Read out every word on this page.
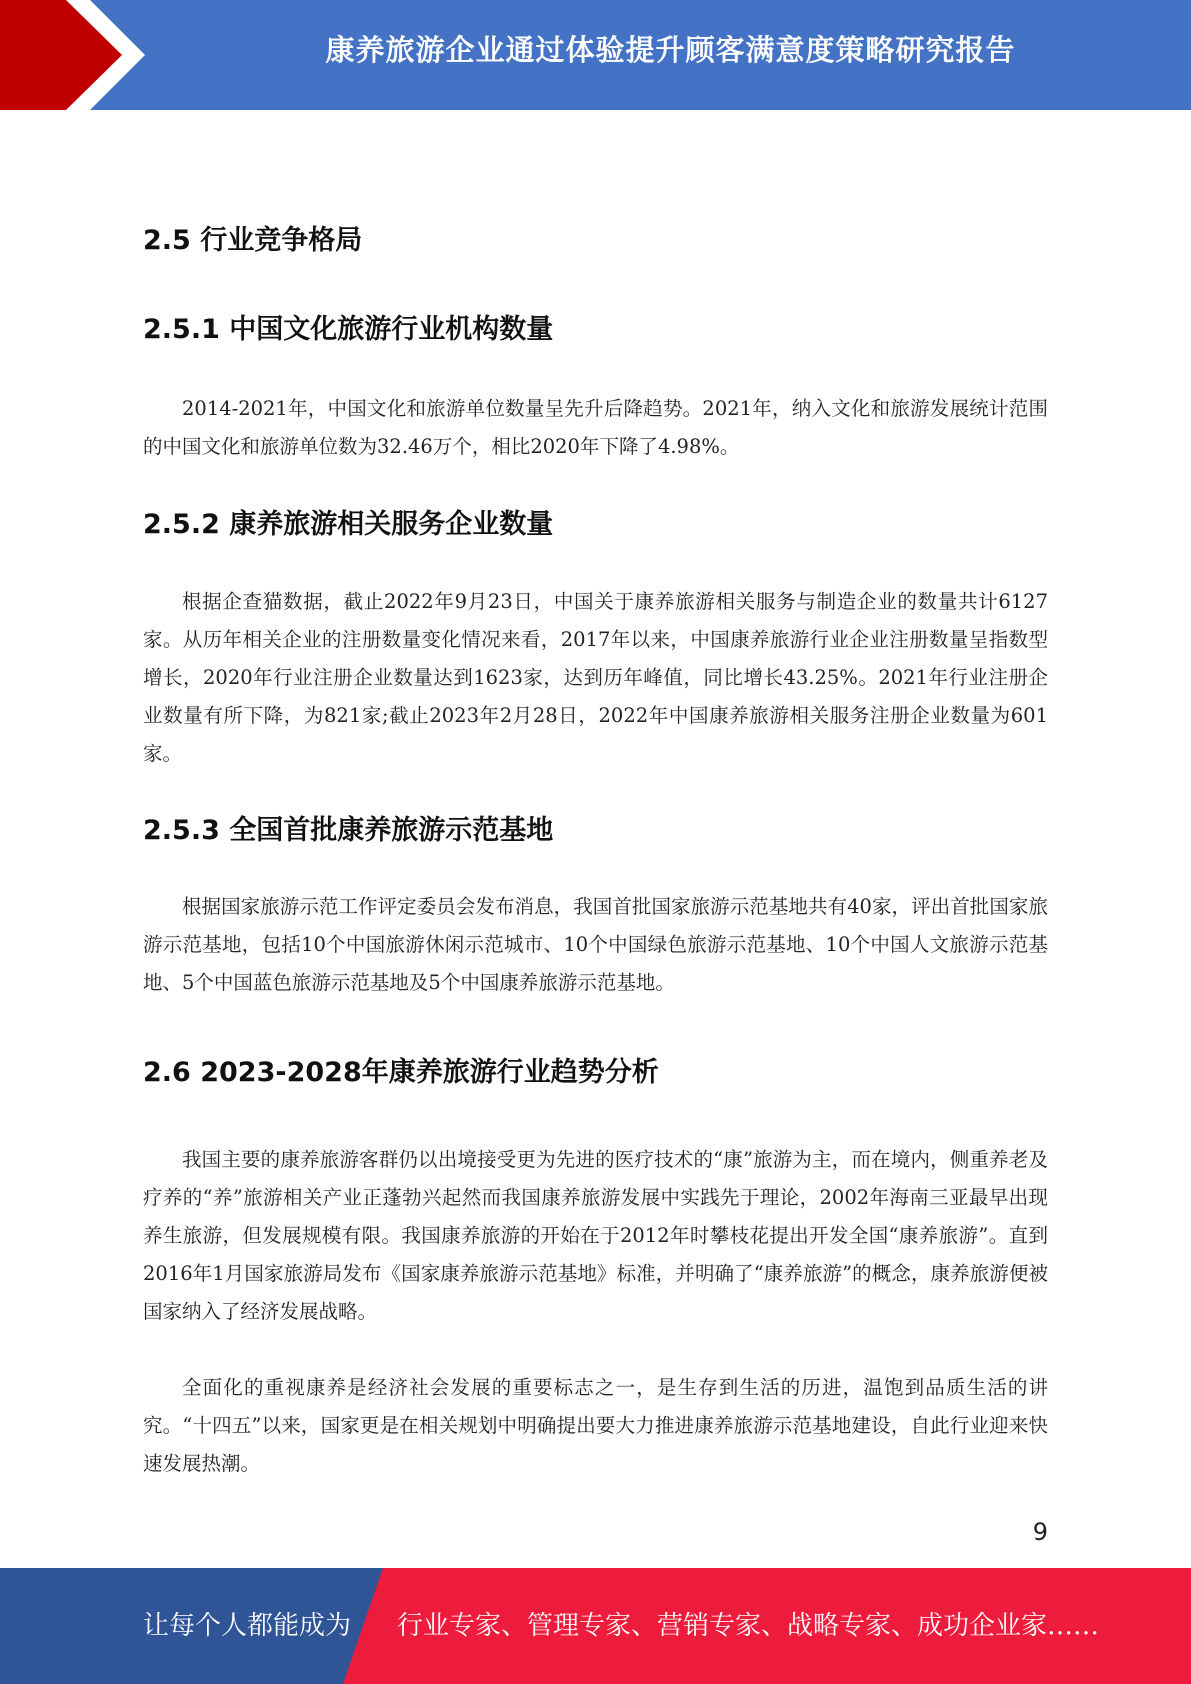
康养旅游企业通过体验提升顾客满意度策略研究报告
2.5 行业竞争格局
2.5.1 中国文化旅游行业机构数量

2014-2021年，中国文化和旅游单位数量呈先升后降趋势。2021年，纳入文化和旅游发展统计范围的中国文化和旅游单位数为32.46万个，相比2020年下降了4.98%。

2.5.2 康养旅游相关服务企业数量

根据企查猫数据，截止2022年9月23日，中国关于康养旅游相关服务与制造企业的数量共计6127家。从历年相关企业的注册数量变化情况来看，2017年以来，中国康养旅游行业企业注册数量呈指数型增长，2020年行业注册企业数量达到1623家，达到历年峰值，同比增长43.25%。2021年行业注册企业数量有所下降，为821家;截止2023年2月28日，2022年中国康养旅游相关服务注册企业数量为601家。

2.5.3 全国首批康养旅游示范基地

根据国家旅游示范工作评定委员会发布消息，我国首批国家旅游示范基地共有40家，评出首批国家旅游示范基地，包括10个中国旅游休闲示范城市、10个中国绿色旅游示范基地、10个中国人文旅游示范基地、5个中国蓝色旅游示范基地及5个中国康养旅游示范基地。

2.6 2023-2028年康养旅游行业趋势分析

我国主要的康养旅游客群仍以出境接受更为先进的医疗技术的“康”旅游为主，而在境内，侧重养老及疗养的“养”旅游相关产业正蓬勃兴起然而我国康养旅游发展中实践先于理论，2002年海南三亚最早出现养生旅游，但发展规模有限。我国康养旅游的开始在于2012年时攀枝花提出开发全国“康养旅游”。直到2016年1月国家旅游局发布《国家康养旅游示范基地》标准，并明确了“康养旅游”的概念，康养旅游便被国家纳入了经济发展战略。

全面化的重视康养是经济社会发展的重要标志之一，是生存到生活的历进，温饱到品质生活的讲究。“十四五”以来，国家更是在相关规划中明确提出要大力推进康养旅游示范基地建设，自此行业迎来快速发展热潮。

9
让每个人都能成为 行业专家、管理专家、营销专家、战略专家、成功企业家……
